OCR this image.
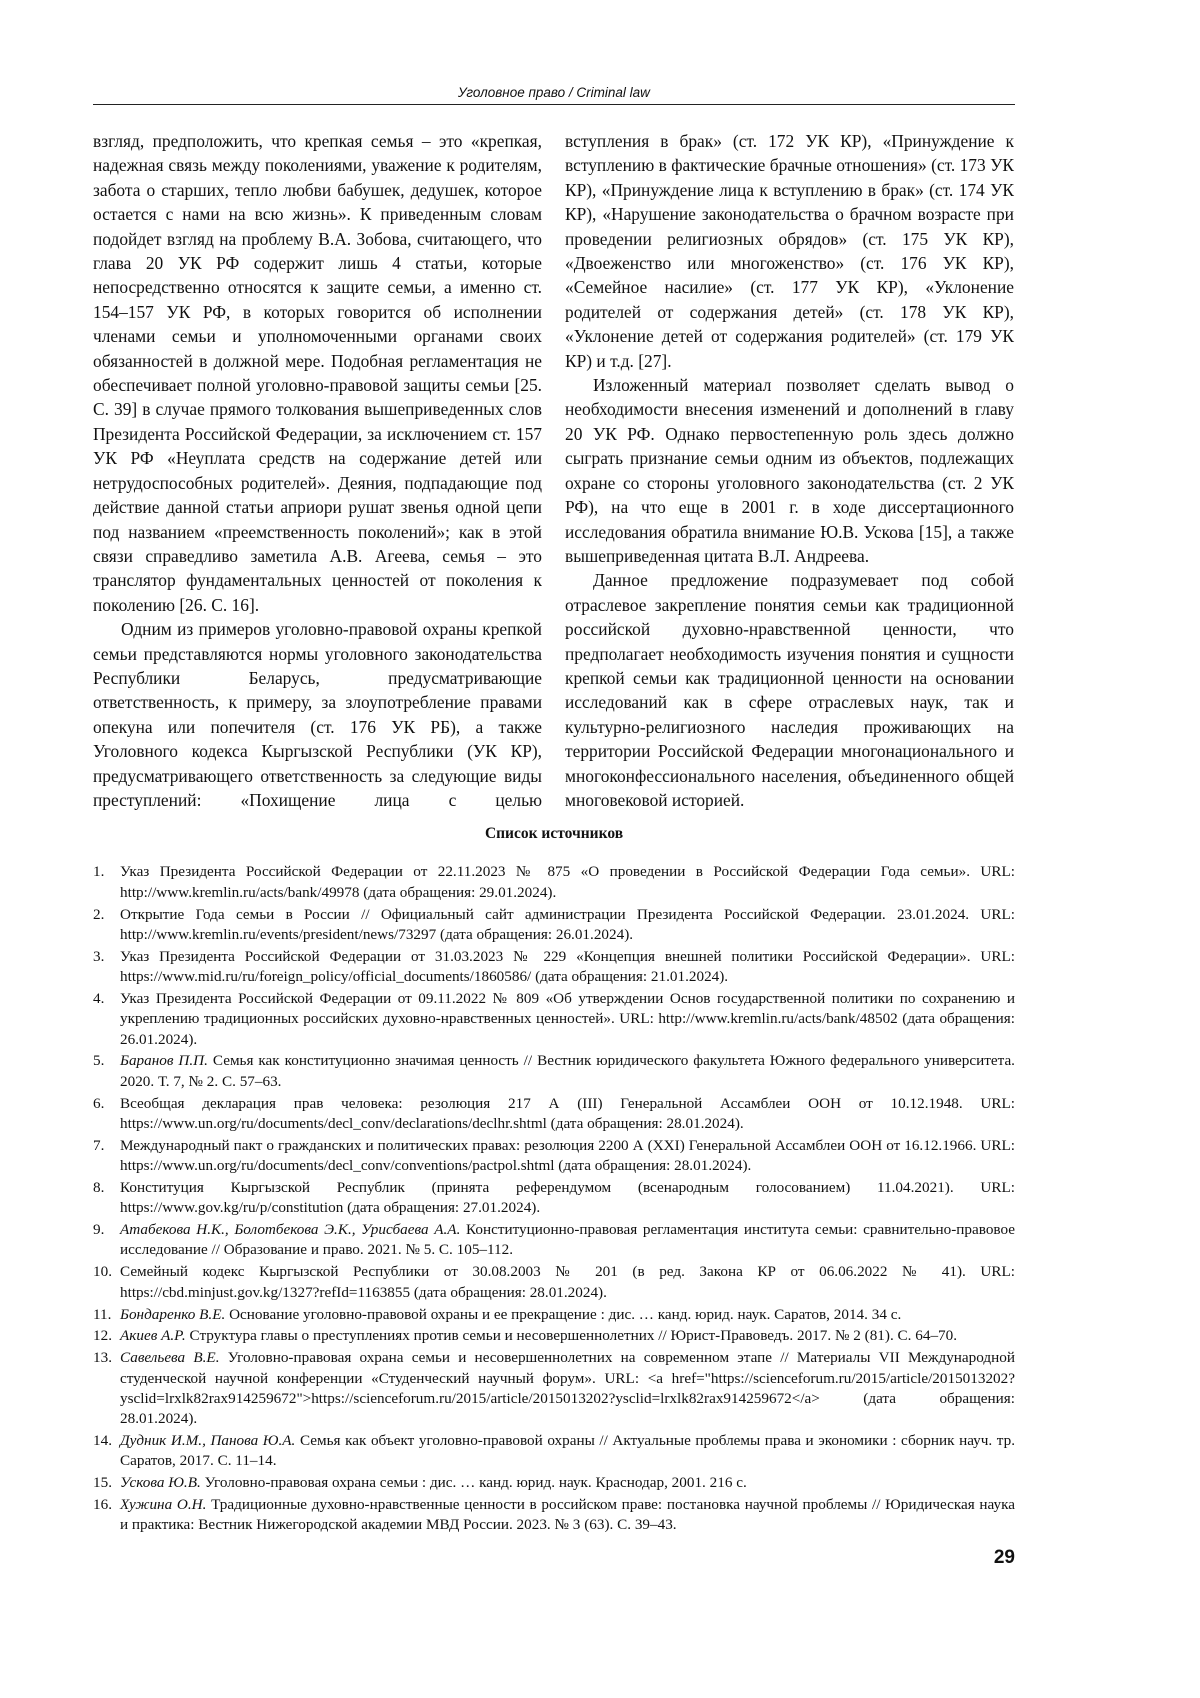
Уголовное право / Criminal law

взгляд, предположить, что крепкая семья – это «крепкая, надежная связь между поколениями, уважение к родителям, забота о старших, тепло любви бабушек, дедушек, которое остается с нами на всю жизнь». К приведенным словам подойдет взгляд на проблему В.А. Зобова, считающего, что глава 20 УК РФ содержит лишь 4 статьи, которые непосредственно относятся к защите семьи, а именно ст. 154–157 УК РФ, в которых говорится об исполнении членами семьи и уполномоченными органами своих обязанностей в должной мере. Подобная регламентация не обеспечивает полной уголовно-правовой защиты семьи [25. С. 39] в случае прямого толкования вышеприведенных слов Президента Российской Федерации, за исключением ст. 157 УК РФ «Неуплата средств на содержание детей или нетрудоспособных родителей». Деяния, подпадающие под действие данной статьи априори рушат звенья одной цепи под названием «преемственность поколений»; как в этой связи справедливо заметила А.В. Агеева, семья – это транслятор фундаментальных ценностей от поколения к поколению [26. С. 16].

Одним из примеров уголовно-правовой охраны крепкой семьи представляются нормы уголовного законодательства Республики Беларусь, предусматривающие ответственность, к примеру, за злоупотребление правами опекуна или попечителя (ст. 176 УК РБ), а также Уголовного кодекса Кыргызской Республики (УК КР), предусматривающего ответственность за следующие виды преступлений: «Похищение лица с целью

вступления в брак» (ст. 172 УК КР), «Принуждение к вступлению в фактические брачные отношения» (ст. 173 УК КР), «Принуждение лица к вступлению в брак» (ст. 174 УК КР), «Нарушение законодательства о брачном возрасте при проведении религиозных обрядов» (ст. 175 УК КР), «Двоеженство или многоженство» (ст. 176 УК КР), «Семейное насилие» (ст. 177 УК КР), «Уклонение родителей от содержания детей» (ст. 178 УК КР), «Уклонение детей от содержания родителей» (ст. 179 УК КР) и т.д. [27].

Изложенный материал позволяет сделать вывод о необходимости внесения изменений и дополнений в главу 20 УК РФ. Однако первостепенную роль здесь должно сыграть признание семьи одним из объектов, подлежащих охране со стороны уголовного законодательства (ст. 2 УК РФ), на что еще в 2001 г. в ходе диссертационного исследования обратила внимание Ю.В. Ускова [15], а также вышеприведенная цитата В.Л. Андреева.

Данное предложение подразумевает под собой отраслевое закрепление понятия семьи как традиционной российской духовно-нравственной ценности, что предполагает необходимость изучения понятия и сущности крепкой семьи как традиционной ценности на основании исследований как в сфере отраслевых наук, так и культурно-религиозного наследия проживающих на территории Российской Федерации многонационального и многоконфессионального населения, объединенного общей многовековой историей.

Список источников
1. Указ Президента Российской Федерации от 22.11.2023 № 875 «О проведении в Российской Федерации Года семьи». URL: http://www.kremlin.ru/acts/bank/49978 (дата обращения: 29.01.2024).
2. Открытие Года семьи в России // Официальный сайт администрации Президента Российской Федерации. 23.01.2024. URL: http://www.kremlin.ru/events/president/news/73297 (дата обращения: 26.01.2024).
3. Указ Президента Российской Федерации от 31.03.2023 № 229 «Концепция внешней политики Российской Федерации». URL: https://www.mid.ru/ru/foreign_policy/official_documents/1860586/ (дата обращения: 21.01.2024).
4. Указ Президента Российской Федерации от 09.11.2022 № 809 «Об утверждении Основ государственной политики по сохранению и укреплению традиционных российских духовно-нравственных ценностей». URL: http://www.kremlin.ru/acts/bank/48502 (дата обращения: 26.01.2024).
5. Баранов П.П. Семья как конституционно значимая ценность // Вестник юридического факультета Южного федерального университета. 2020. Т. 7, № 2. С. 57–63.
6. Всеобщая декларация прав человека: резолюция 217 А (III) Генеральной Ассамблеи ООН от 10.12.1948. URL: https://www.un.org/ru/documents/decl_conv/declarations/declhr.shtml (дата обращения: 28.01.2024).
7. Международный пакт о гражданских и политических правах: резолюция 2200 А (XXI) Генеральной Ассамблеи ООН от 16.12.1966. URL: https://www.un.org/ru/documents/decl_conv/conventions/pactpol.shtml (дата обращения: 28.01.2024).
8. Конституция Кыргызской Республик (принята референдумом (всенародным голосованием) 11.04.2021). URL: https://www.gov.kg/ru/p/constitution (дата обращения: 27.01.2024).
9. Атабекова Н.К., Болотбекова Э.К., Урисбаева А.А. Конституционно-правовая регламентация института семьи: сравнительно-правовое исследование // Образование и право. 2021. № 5. С. 105–112.
10. Семейный кодекс Кыргызской Республики от 30.08.2003 № 201 (в ред. Закона КР от 06.06.2022 № 41). URL: https://cbd.minjust.gov.kg/1327?refId=1163855 (дата обращения: 28.01.2024).
11. Бондаренко В.Е. Основание уголовно-правовой охраны и ее прекращение : дис. … канд. юрид. наук. Саратов, 2014. 34 с.
12. Акиев А.Р. Структура главы о преступлениях против семьи и несовершеннолетних // Юрист-Правоведъ. 2017. № 2 (81). С. 64–70.
13. Савельева В.Е. Уголовно-правовая охрана семьи и несовершеннолетних на современном этапе // Материалы VII Международной студенческой научной конференции «Студенческий научный форум». URL: <a href="https://scienceforum.ru/2015/article/2015013202?ysclid=lrxlk82rax914259672">https://scienceforum.ru/2015/article/2015013202?ysclid=lrxlk82rax914259672</a> (дата обращения: 28.01.2024).
14. Дудник И.М., Панова Ю.А. Семья как объект уголовно-правовой охраны // Актуальные проблемы права и экономики : сборник науч. тр. Саратов, 2017. С. 11–14.
15. Ускова Ю.В. Уголовно-правовая охрана семьи : дис. … канд. юрид. наук. Краснодар, 2001. 216 с.
16. Хужина О.Н. Традиционные духовно-нравственные ценности в российском праве: постановка научной проблемы // Юридическая наука и практика: Вестник Нижегородской академии МВД России. 2023. № 3 (63). С. 39–43.
29
